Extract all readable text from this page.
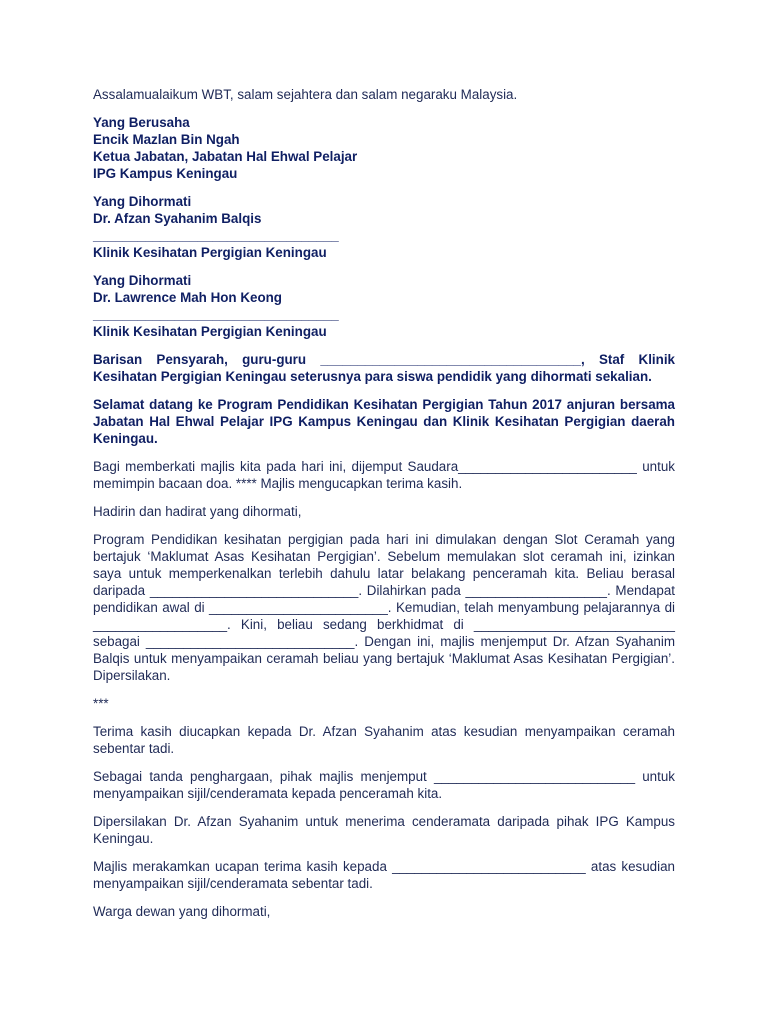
Assalamualaikum WBT, salam sejahtera dan salam negaraku Malaysia.

Yang Berusaha

Encik Mazlan Bin Ngah

Ketua Jabatan, Jabatan Hal Ehwal Pelajar

IPG Kampus Keningau

Yang Dihormati

Dr. Afzan Syahanim Balqis

_________________________________

Klinik Kesihatan Pergigian Keningau

Yang Dihormati

Dr. Lawrence Mah Hon Keong

_________________________________

Klinik Kesihatan Pergigian Keningau

Barisan Pensyarah, guru-guru ___________________________________, Staf Klinik Kesihatan Pergigian Keningau seterusnya para siswa pendidik yang dihormati sekalian.

Selamat datang ke Program Pendidikan Kesihatan Pergigian Tahun 2017 anjuran bersama Jabatan Hal Ehwal Pelajar IPG Kampus Keningau dan Klinik Kesihatan Pergigian daerah Keningau.

Bagi memberkati majlis kita pada hari ini, dijemput Saudara________________________ untuk memimpin bacaan doa. **** Majlis mengucapkan terima kasih.

Hadirin dan hadirat yang dihormati,

Program Pendidikan kesihatan pergigian pada hari ini dimulakan dengan Slot Ceramah yang bertajuk ‘Maklumat Asas Kesihatan Pergigian’. Sebelum memulakan slot ceramah ini, izinkan saya untuk memperkenalkan terlebih dahulu latar belakang penceramah kita. Beliau berasal daripada ____________________________. Dilahirkan pada ___________________. Mendapat pendidikan awal di ________________________. Kemudian, telah menyambung pelajarannya di __________________. Kini, beliau sedang berkhidmat di ___________________________ sebagai ____________________________. Dengan ini, majlis menjemput Dr. Afzan Syahanim Balqis untuk menyampaikan ceramah beliau yang bertajuk ‘Maklumat Asas Kesihatan Pergigian’. Dipersilakan.

***

Terima kasih diucapkan kepada Dr. Afzan Syahanim atas kesudian menyampaikan ceramah sebentar tadi.

Sebagai tanda penghargaan, pihak majlis menjemput ___________________________ untuk menyampaikan sijil/cenderamata kepada penceramah kita.

Dipersilakan Dr. Afzan Syahanim untuk menerima cenderamata daripada pihak IPG Kampus Keningau.

Majlis merakamkan ucapan terima kasih kepada __________________________ atas kesudian menyampaikan sijil/cenderamata sebentar tadi.

Warga dewan yang dihormati,
